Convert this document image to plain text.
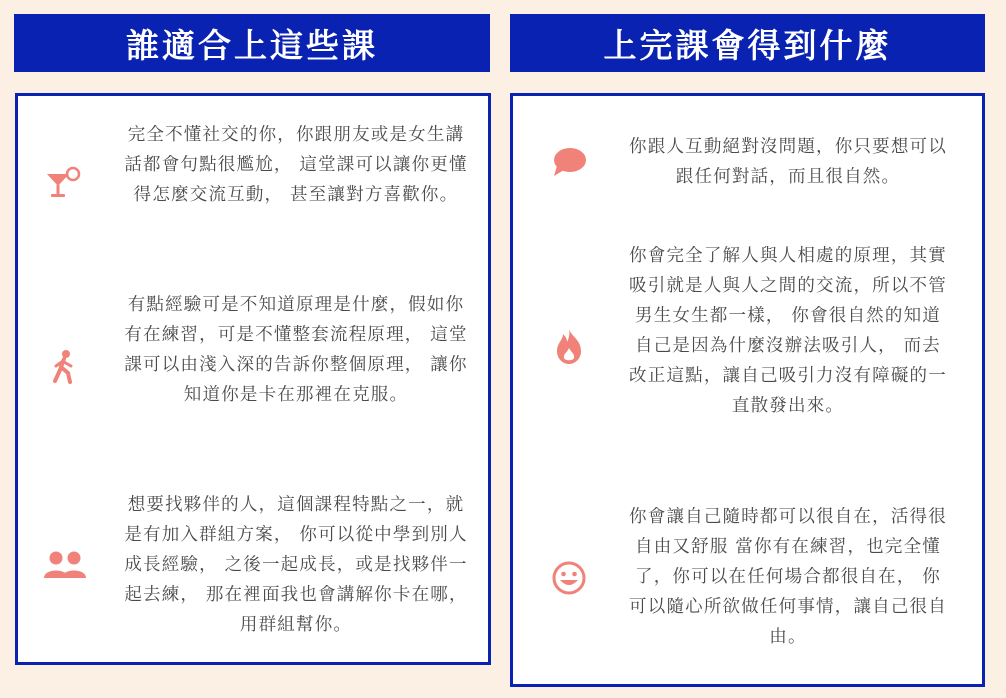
誰適合上這些課
完全不懂社交的你，你跟朋友或是女生講話都會句點很尷尬， 這堂課可以讓你更懂得怎麼交流互動， 甚至讓對方喜歡你。
有點經驗可是不知道原理是什麼，假如你有在練習，可是不懂整套流程原理， 這堂課可以由淺入深的告訴你整個原理， 讓你知道你是卡在那裡在克服。
想要找夥伴的人，這個課程特點之一，就是有加入群組方案， 你可以從中學到別人成長經驗， 之後一起成長，或是找夥伴一起去練， 那在裡面我也會講解你卡在哪， 用群組幫你。
上完課會得到什麼
你跟人互動絕對沒問題，你只要想可以跟任何對話，而且很自然。
你會完全了解人與人相處的原理，其實吸引就是人與人之間的交流，所以不管男生女生都一樣， 你會很自然的知道自己是因為什麼沒辦法吸引人， 而去改正這點，讓自己吸引力沒有障礙的一直散發出來。
你會讓自己隨時都可以很自在，活得很自由又舒服 當你有在練習，也完全懂了，你可以在任何場合都很自在， 你可以隨心所欲做任何事情，讓自己很自由。
